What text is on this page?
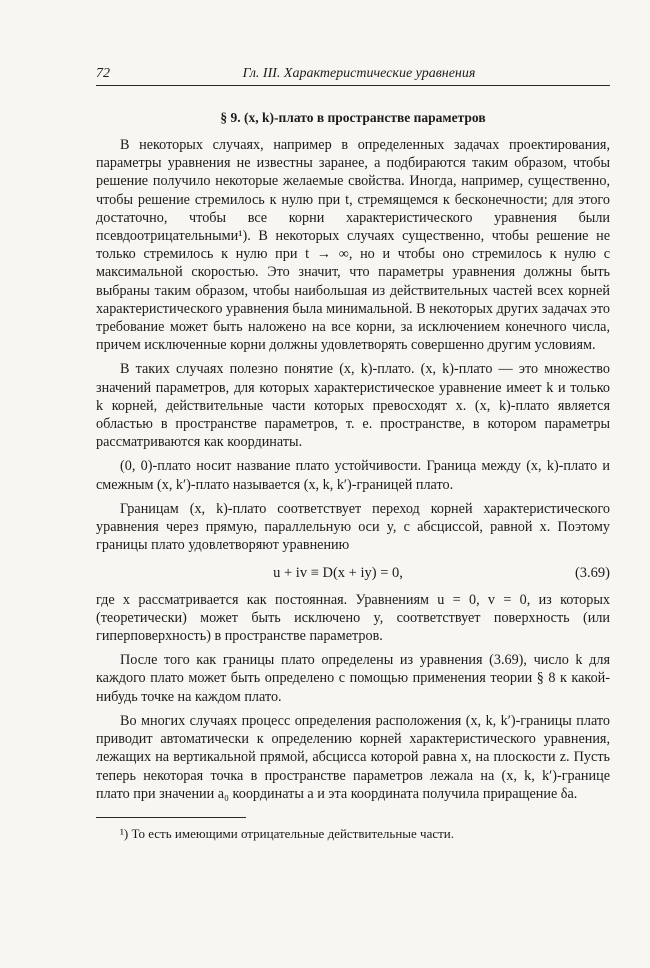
72	Гл. III. Характеристические уравнения
§ 9. (x, k)-плато в пространстве параметров

В некоторых случаях, например в определенных задачах проектирования, параметры уравнения не известны заранее, а подбираются таким образом, чтобы решение получило некоторые желаемые свойства. Иногда, например, существенно, чтобы решение стремилось к нулю при t, стремящемся к бесконечности; для этого достаточно, чтобы все корни характеристического уравнения были псевдоотрицательными¹). В некоторых случаях существенно, чтобы решение не только стремилось к нулю при t → ∞, но и чтобы оно стремилось к нулю с максимальной скоростью. Это значит, что параметры уравнения должны быть выбраны таким образом, чтобы наибольшая из действительных частей всех корней характеристического уравнения была минимальной. В некоторых других задачах это требование может быть наложено на все корни, за исключением конечного числа, причем исключенные корни должны удовлетворять совершенно другим условиям.

В таких случаях полезно понятие (x, k)-плато. (x, k)-плато — это множество значений параметров, для которых характеристическое уравнение имеет k и только k корней, действительные части которых превосходят x. (x, k)-плато является областью в пространстве параметров, т. е. пространстве, в котором параметры рассматриваются как координаты.

(0, 0)-плато носит название плато устойчивости. Граница между (x, k)-плато и смежным (x, k′)-плато называется (x, k, k′)-границей плато.

Границам (x, k)-плато соответствует переход корней характеристического уравнения через прямую, параллельную оси y, с абсциссой, равной x. Поэтому границы плато удовлетворяют уравнению

u + iv ≡ D(x + iy) = 0,	(3.69)

где x рассматривается как постоянная. Уравнениям u = 0, v = 0, из которых (теоретически) может быть исключено y, соответствует поверхность (или гиперповерхность) в пространстве параметров.

После того как границы плато определены из уравнения (3.69), число k для каждого плато может быть определено с помощью применения теории § 8 к какой-нибудь точке на каждом плато.

Во многих случаях процесс определения расположения (x, k, k′)-границы плато приводит автоматически к определению корней характеристического уравнения, лежащих на вертикальной прямой, абсцисса которой равна x, на плоскости z. Пусть теперь некоторая точка в пространстве параметров лежала на (x, k, k′)-границе плато при значении a₀ координаты a и эта координата получила приращение δa.

¹) То есть имеющими отрицательные действительные части.
